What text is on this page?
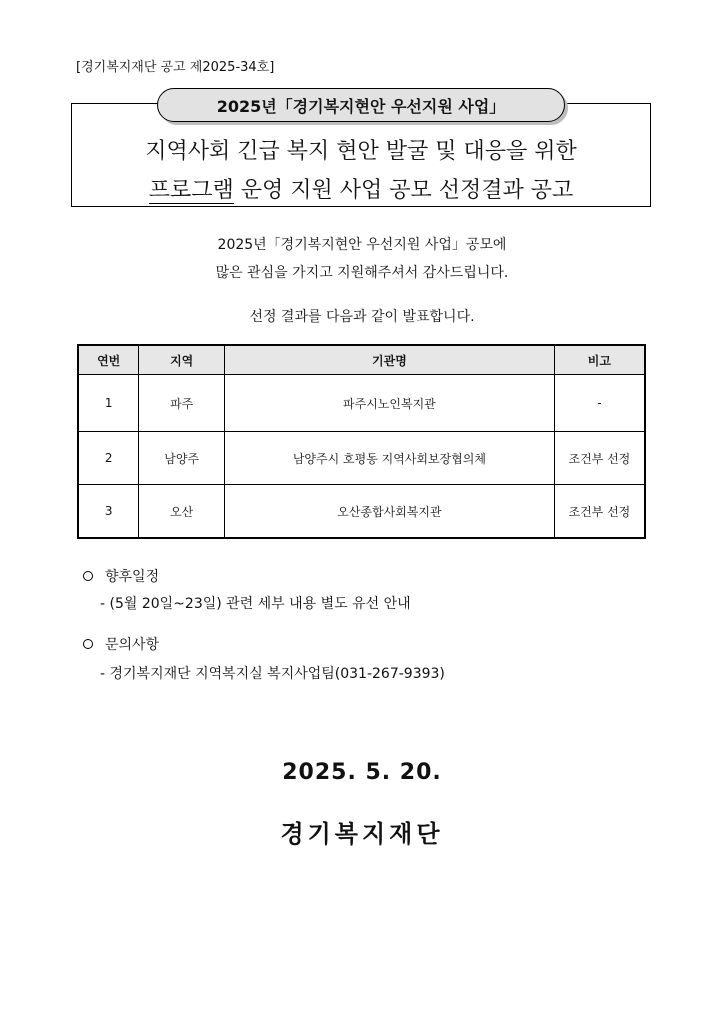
[경기복지재단 공고 제2025-34호]
2025년「경기복지현안 우선지원 사업」
지역사회 긴급 복지 현안 발굴 및 대응을 위한
프로그램 운영 지원 사업 공모 선정결과 공고
2025년「경기복지현안 우선지원 사업」공모에
많은 관심을 가지고 지원해주셔서 감사드립니다.
선정 결과를 다음과 같이 발표합니다.
연번	지역	기관명	비고
1	파주	파주시노인복지관	-
2	남양주	남양주시 호평동 지역사회보장협의체	조건부 선정
3	오산	오산종합사회복지관	조건부 선정
향후일정
- (5월 20일~23일) 관련 세부 내용 별도 유선 안내
문의사항
- 경기복지재단 지역복지실 복지사업팀(031-267-9393)
2025. 5. 20.
경기복지재단
